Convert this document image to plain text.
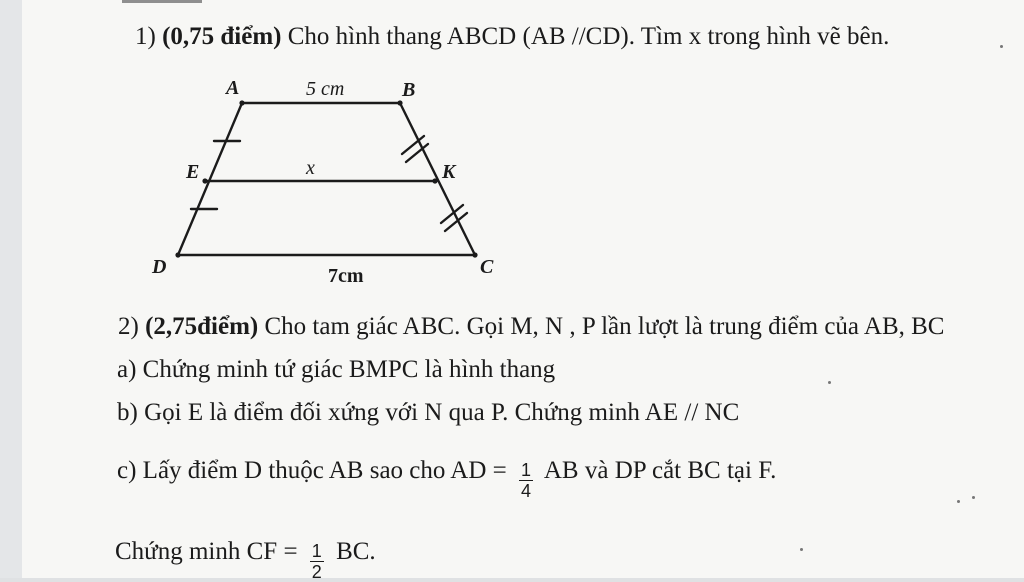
1) (0,75 điểm) Cho hình thang ABCD (AB //CD). Tìm x trong hình vẽ bên.
A	B
E	K
D	C
5 cm
x
7cm
2) (2,75điểm) Cho tam giác ABC. Gọi M, N , P lần lượt là trung điểm của AB, BC
a) Chứng minh tứ giác BMPC là hình thang
b) Gọi E là điểm đối xứng với N qua P. Chứng minh AE // NC
c) Lấy điểm D thuộc AB sao cho AD = $\frac{1}{4}$ AB và DP cắt BC tại F.
Chứng minh CF = $\frac{1}{2}$ BC.
